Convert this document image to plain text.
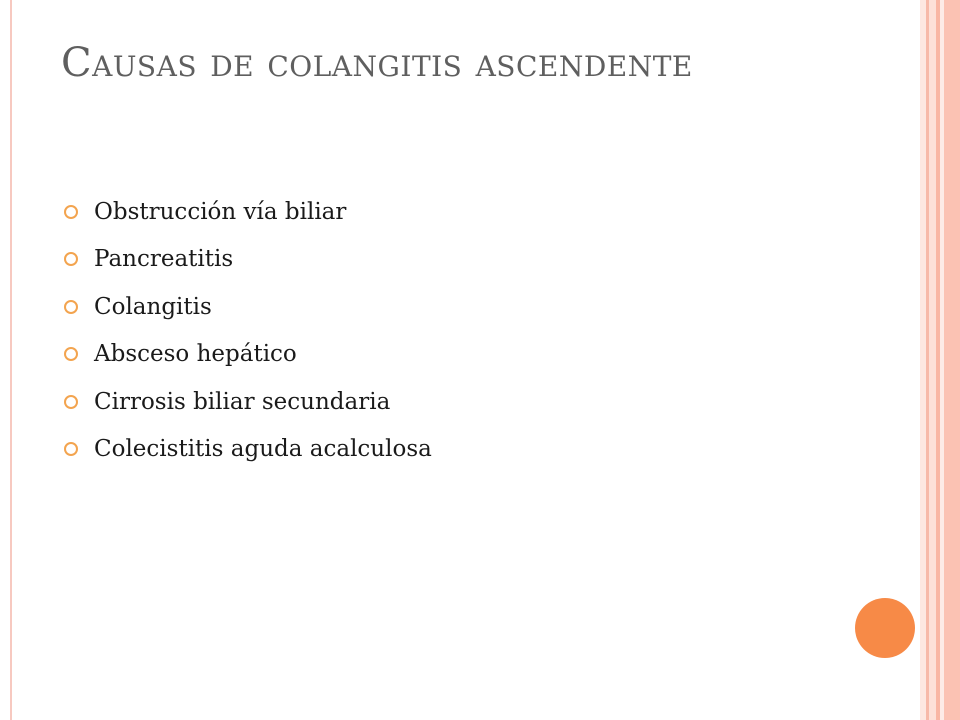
Causas de colangitis ascendente
Obstrucción vía biliar
Pancreatitis
Colangitis
Absceso hepático
Cirrosis biliar secundaria
Colecistitis aguda acalculosa
